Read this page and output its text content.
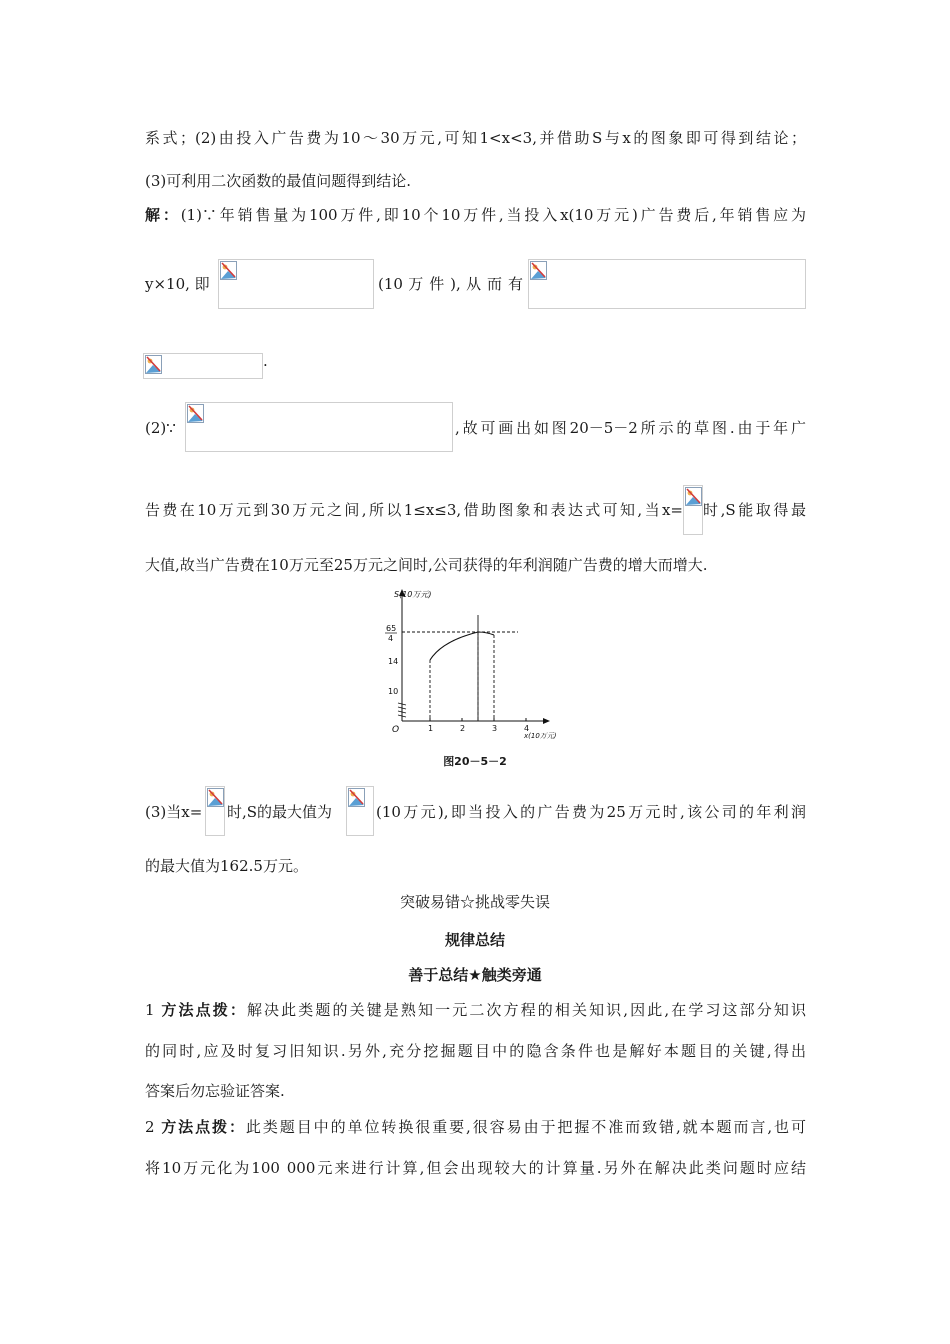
系式；(2)由投入广告费为10～30万元,可知1<x<3,并借助S与x的图象即可得到结论；
(3)可利用二次函数的最值问题得到结论.
解：(1)∵年销售量为100万件,即10个10万件,当投入x(10万元)广告费后,年销售应为
y×10, 即	(10 万 件 ), 从 而 有
.
(2)∵	,故可画出如图20－5－2所示的草图.由于年广
告费在10万元到30万元之间,所以1≤x≤3,借助图象和表达式可知,当x= 时,S能取得最
大值,故当广告费在10万元至25万元之间时,公司获得的年利润随广告费的增大而增大.
S(10万元)
65
4
14
10
O	1	2	3	4
x(10万元)
图20－5－2
(3)当x= 时,S的最大值为	(10万元),即当投入的广告费为25万元时,该公司的年利润
的最大值为162.5万元。
突破易错☆挑战零失误
规律总结
善于总结★触类旁通
1 方法点拨：解决此类题的关键是熟知一元二次方程的相关知识,因此,在学习这部分知识
的同时,应及时复习旧知识.另外,充分挖掘题目中的隐含条件也是解好本题目的关键,得出
答案后勿忘验证答案.
2 方法点拨：此类题目中的单位转换很重要,很容易由于把握不准而致错,就本题而言,也可
将10万元化为100 000元来进行计算,但会出现较大的计算量.另外在解决此类问题时应结
